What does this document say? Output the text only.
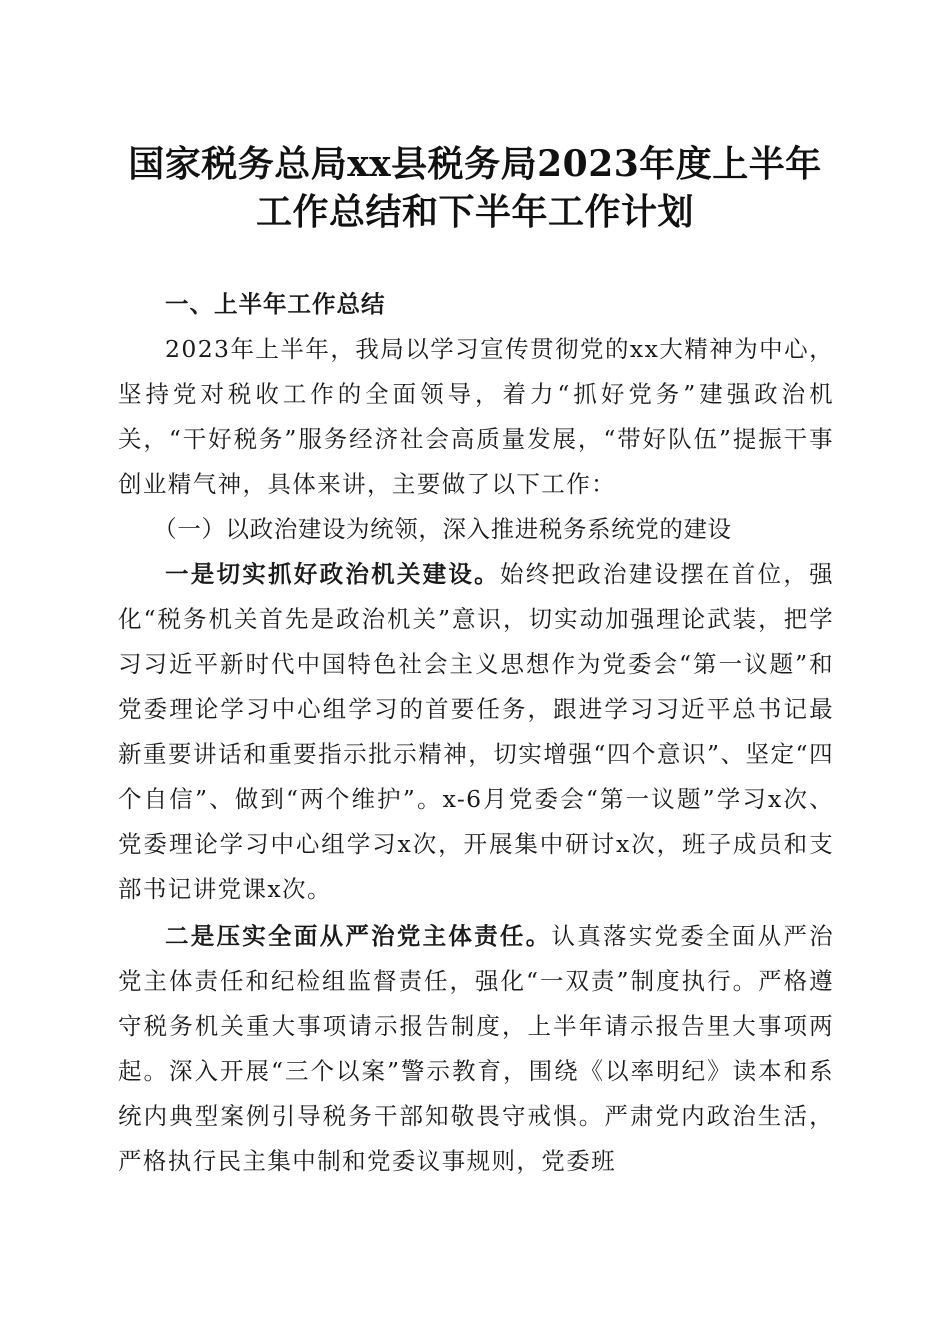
国家税务总局xx县税务局2023年度上半年工作总结和下半年工作计划

一、上半年工作总结

2023年上半年，我局以学习宣传贯彻党的xx大精神为中心，坚持党对税收工作的全面领导，着力“抓好党务”建强政治机关，“干好税务”服务经济社会高质量发展，“带好队伍”提振干事创业精气神，具体来讲，主要做了以下工作：

（一）以政治建设为统领，深入推进税务系统党的建设

一是切实抓好政治机关建设。始终把政治建设摆在首位，强化“税务机关首先是政治机关”意识，切实动加强理论武装，把学习习近平新时代中国特色社会主义思想作为党委会“第一议题”和党委理论学习中心组学习的首要任务，跟进学习习近平总书记最新重要讲话和重要指示批示精神，切实增强“四个意识”、坚定“四个自信”、做到“两个维护”。x-6月党委会“第一议题”学习x次、党委理论学习中心组学习x次，开展集中研讨x次，班子成员和支部书记讲党课x次。

二是压实全面从严治党主体责任。认真落实党委全面从严治党主体责任和纪检组监督责任，强化“一双责”制度执行。严格遵守税务机关重大事项请示报告制度，上半年请示报告里大事项两起。深入开展“三个以案”警示教育，围绕《以率明纪》读本和系统内典型案例引导税务干部知敬畏守戒惧。严肃党内政治生活，严格执行民主集中制和党委议事规则，党委班
